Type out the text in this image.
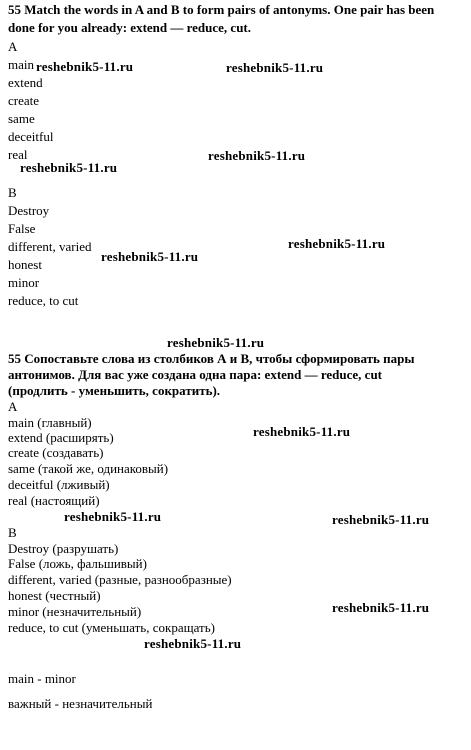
55 Match the words in A and B to form pairs of antonyms. One pair has been
done for you already: extend — reduce, cut.
A
main
extend
create
same
deceitful
real
B
Destroy
False
different, varied
honest
minor
reduce, to cut
55 Сопоставьте слова из столбиков А и В, чтобы сформировать пары
антонимов. Для вас уже создана одна пара: extend — reduce, cut
(продлить - уменьшить, сократить).
A
main (главный)
extend (расширять)
create (создавать)
same (такой же, одинаковый)
deceitful (лживый)
real (настоящий)
B
Destroy (разрушать)
False (ложь, фальшивый)
different, varied (разные, разнообразные)
honest (честный)
minor (незначительный)
reduce, to cut (уменьшать, сокращать)
main - minor
важный - незначительный
reshebnik5-11.ru	reshebnik5-11.ru
reshebnik5-11.ru
reshebnik5-11.ru
reshebnik5-11.ru
reshebnik5-11.ru
reshebnik5-11.ru
reshebnik5-11.ru
reshebnik5-11.ru	reshebnik5-11.ru
reshebnik5-11.ru
reshebnik5-11.ru
